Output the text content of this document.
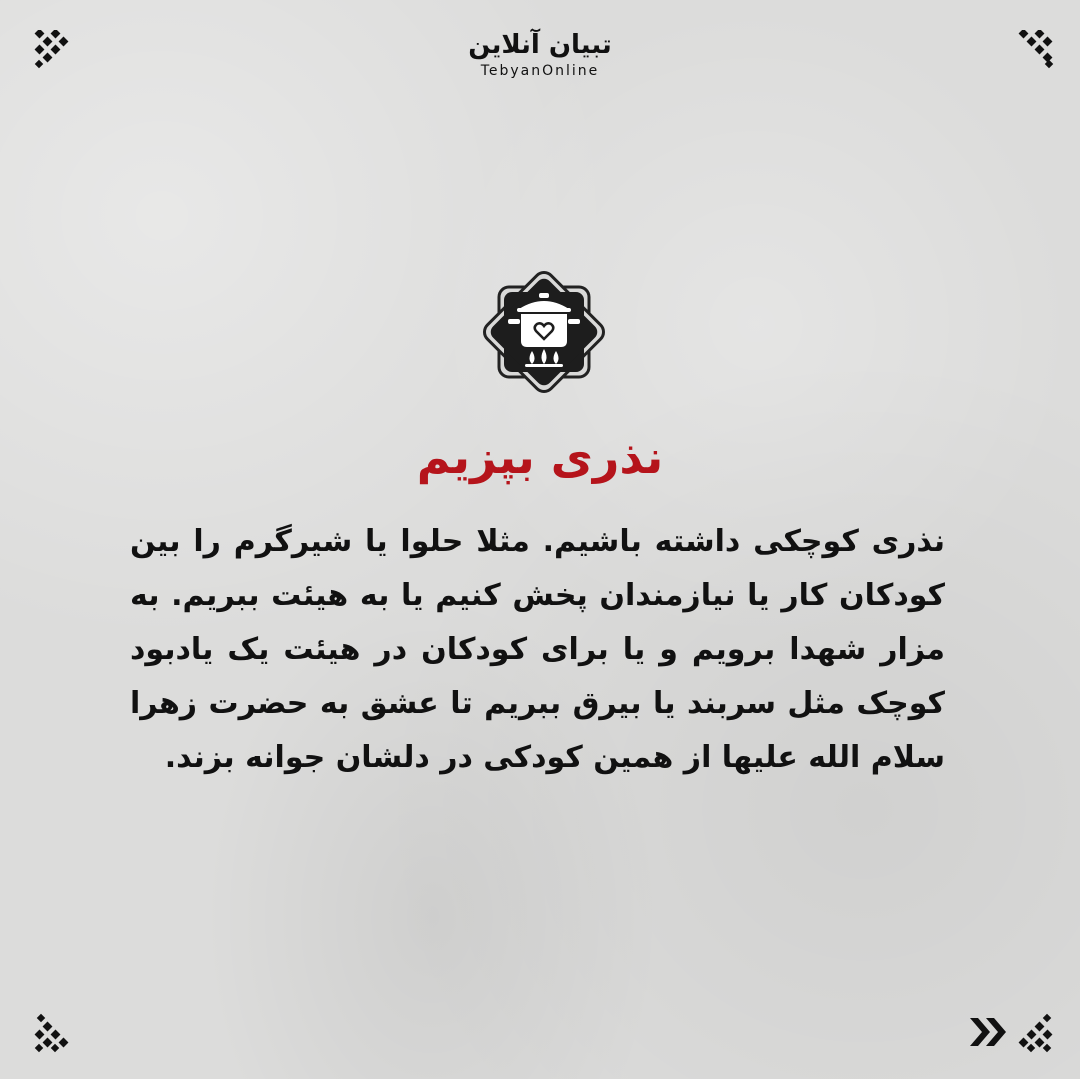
تبیان آنلاین
TebyanOnline
نذری بپزیم
نذری کوچکی داشته باشیم. مثلا حلوا یا شیرگرم را بین کودکان کار یا نیازمندان پخش کنیم یا به هیئت ببریم. به مزار شهدا برویم و یا برای کودکان در هیئت یک یادبود کوچک مثل سربند یا بیرق ببریم تا عشق به حضرت زهرا سلام الله علیها از همین کودکی در دلشان جوانه بزند.
